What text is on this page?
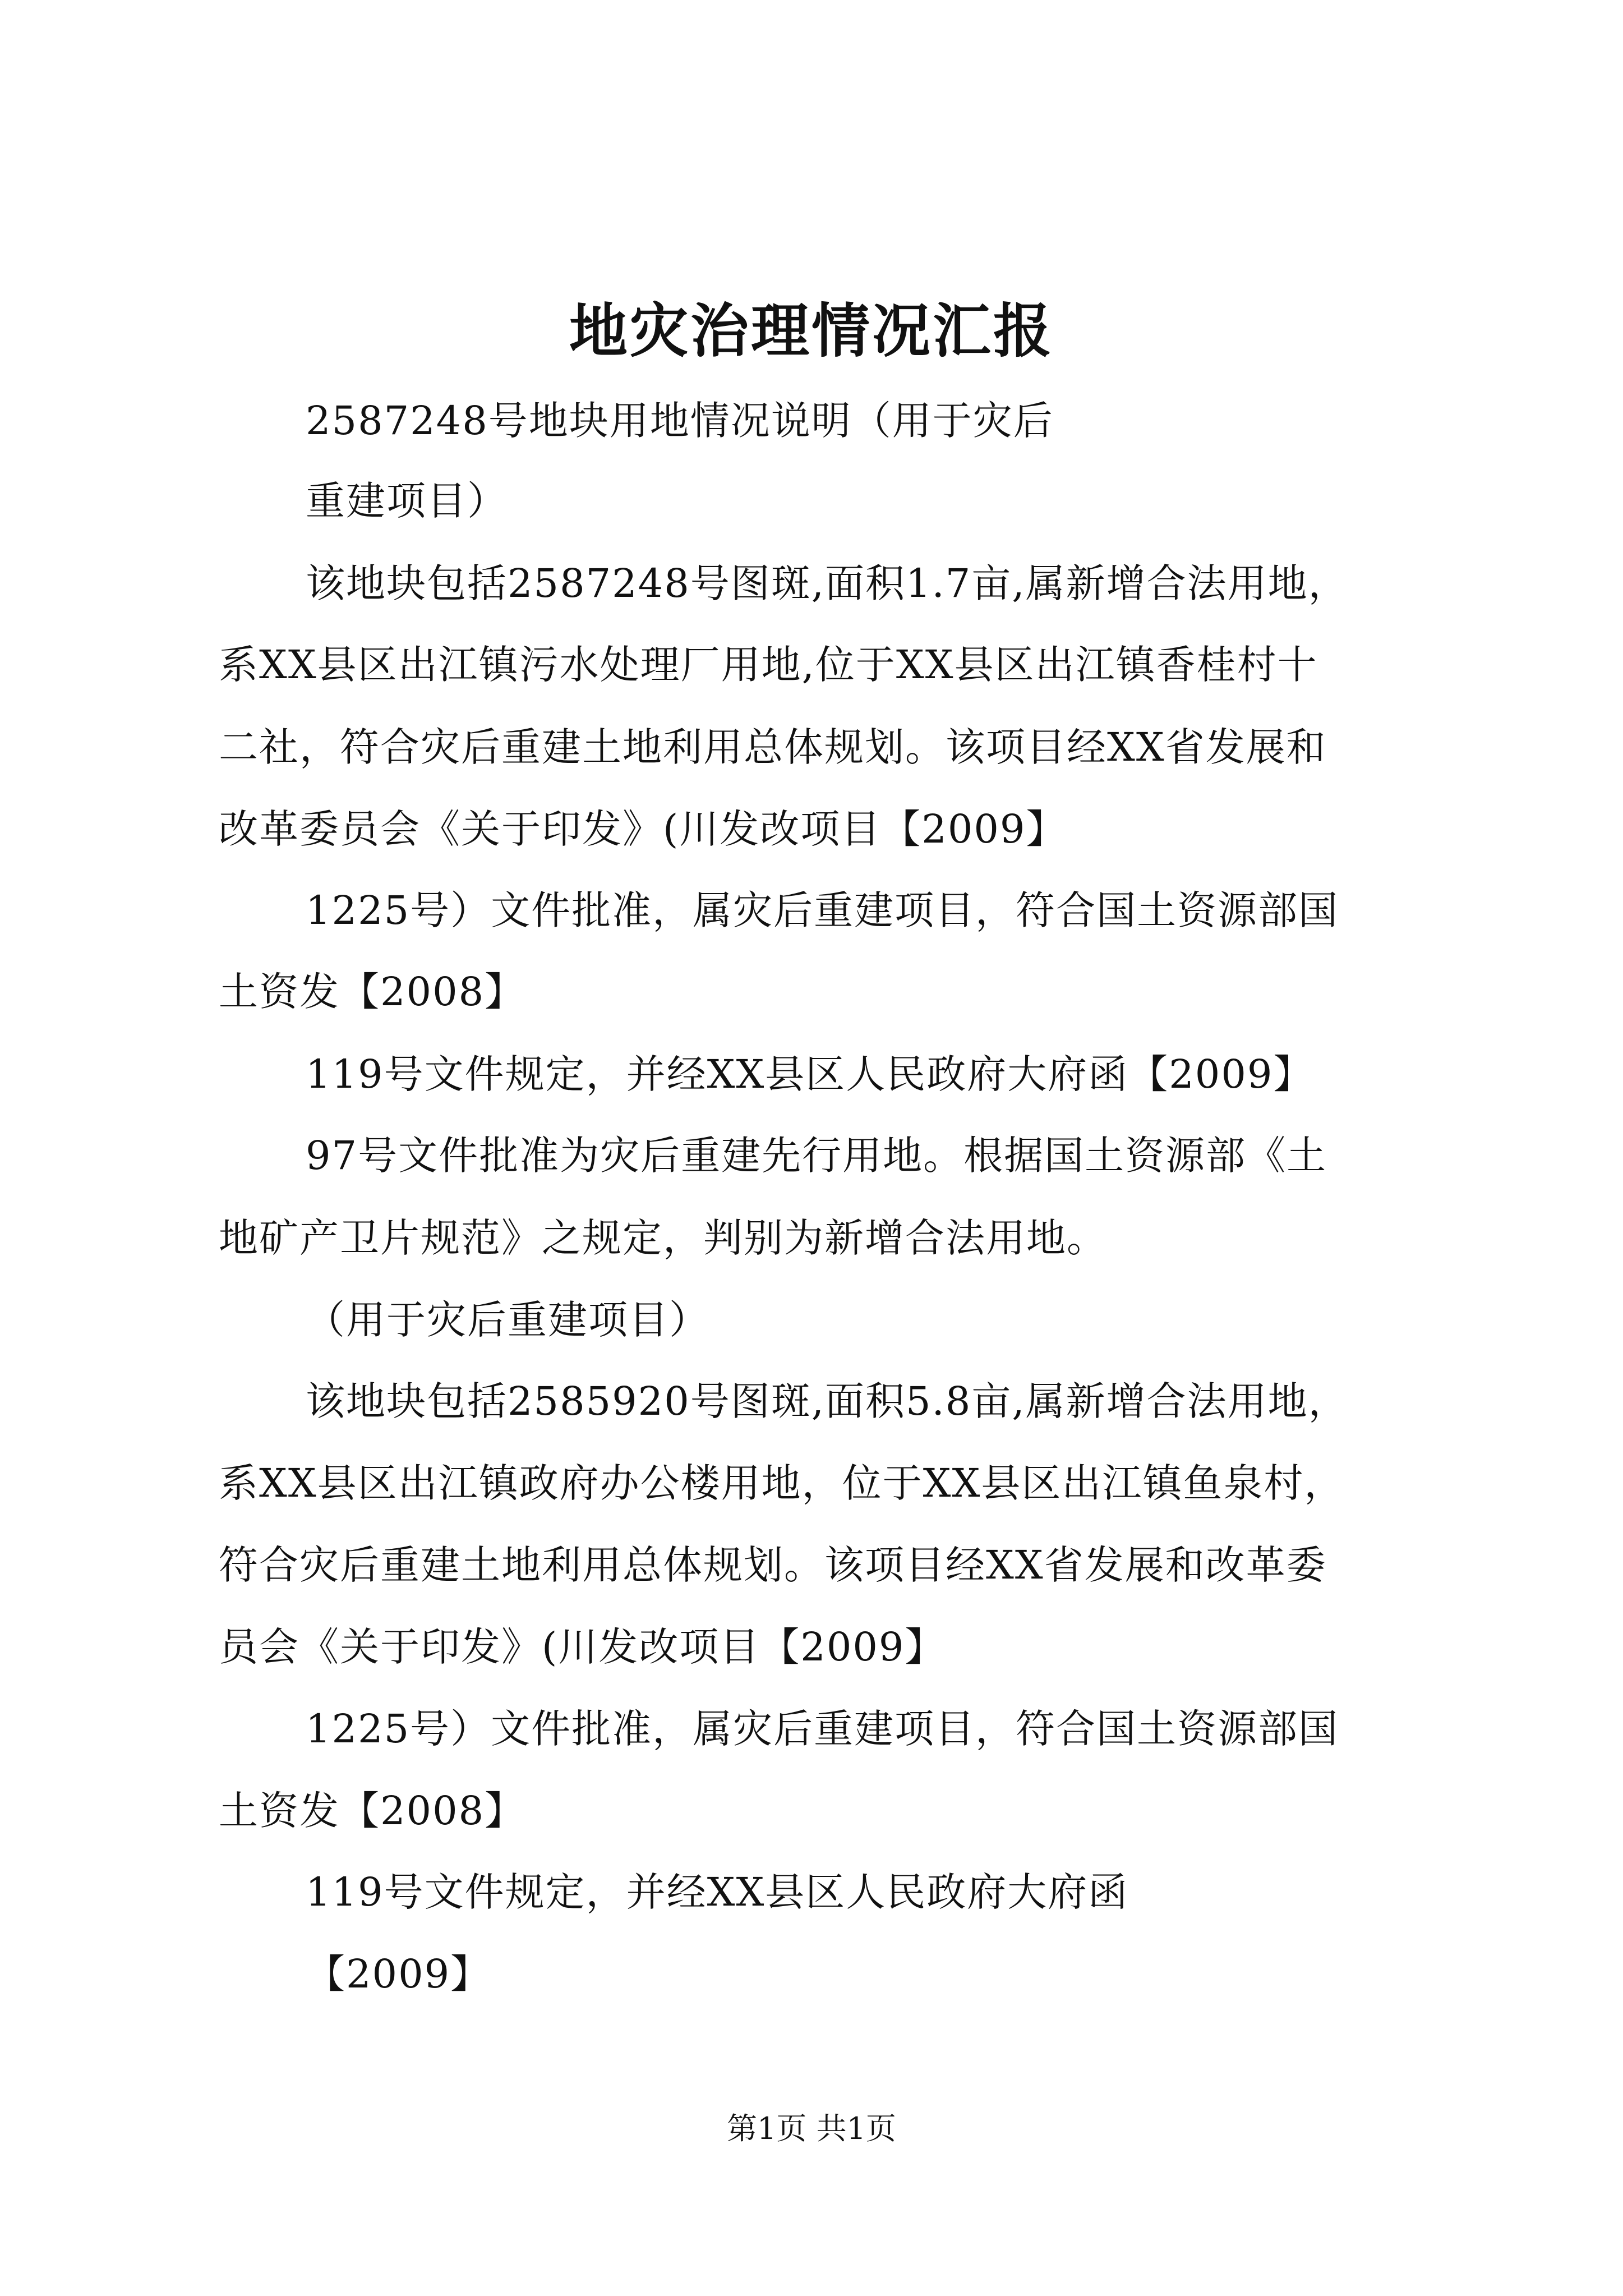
地灾治理情况汇报
2587248号地块用地情况说明（用于灾后
重建项目）
该地块包括2587248号图斑,面积1.7亩,属新增合法用地，
系XX县区出江镇污水处理厂用地,位于XX县区出江镇香桂村十
二社，符合灾后重建土地利用总体规划。该项目经XX省发展和
改革委员会《关于印发》(川发改项目【2009】
1225号）文件批准，属灾后重建项目，符合国土资源部国
土资发【2008】
119号文件规定，并经XX县区人民政府大府函【2009】
97号文件批准为灾后重建先行用地。根据国土资源部《土
地矿产卫片规范》之规定，判别为新增合法用地。
（用于灾后重建项目）
该地块包括2585920号图斑,面积5.8亩,属新增合法用地，
系XX县区出江镇政府办公楼用地，位于XX县区出江镇鱼泉村，
符合灾后重建土地利用总体规划。该项目经XX省发展和改革委
员会《关于印发》(川发改项目【2009】
1225号）文件批准，属灾后重建项目，符合国土资源部国
土资发【2008】
119号文件规定，并经XX县区人民政府大府函
【2009】
第1页 共1页
